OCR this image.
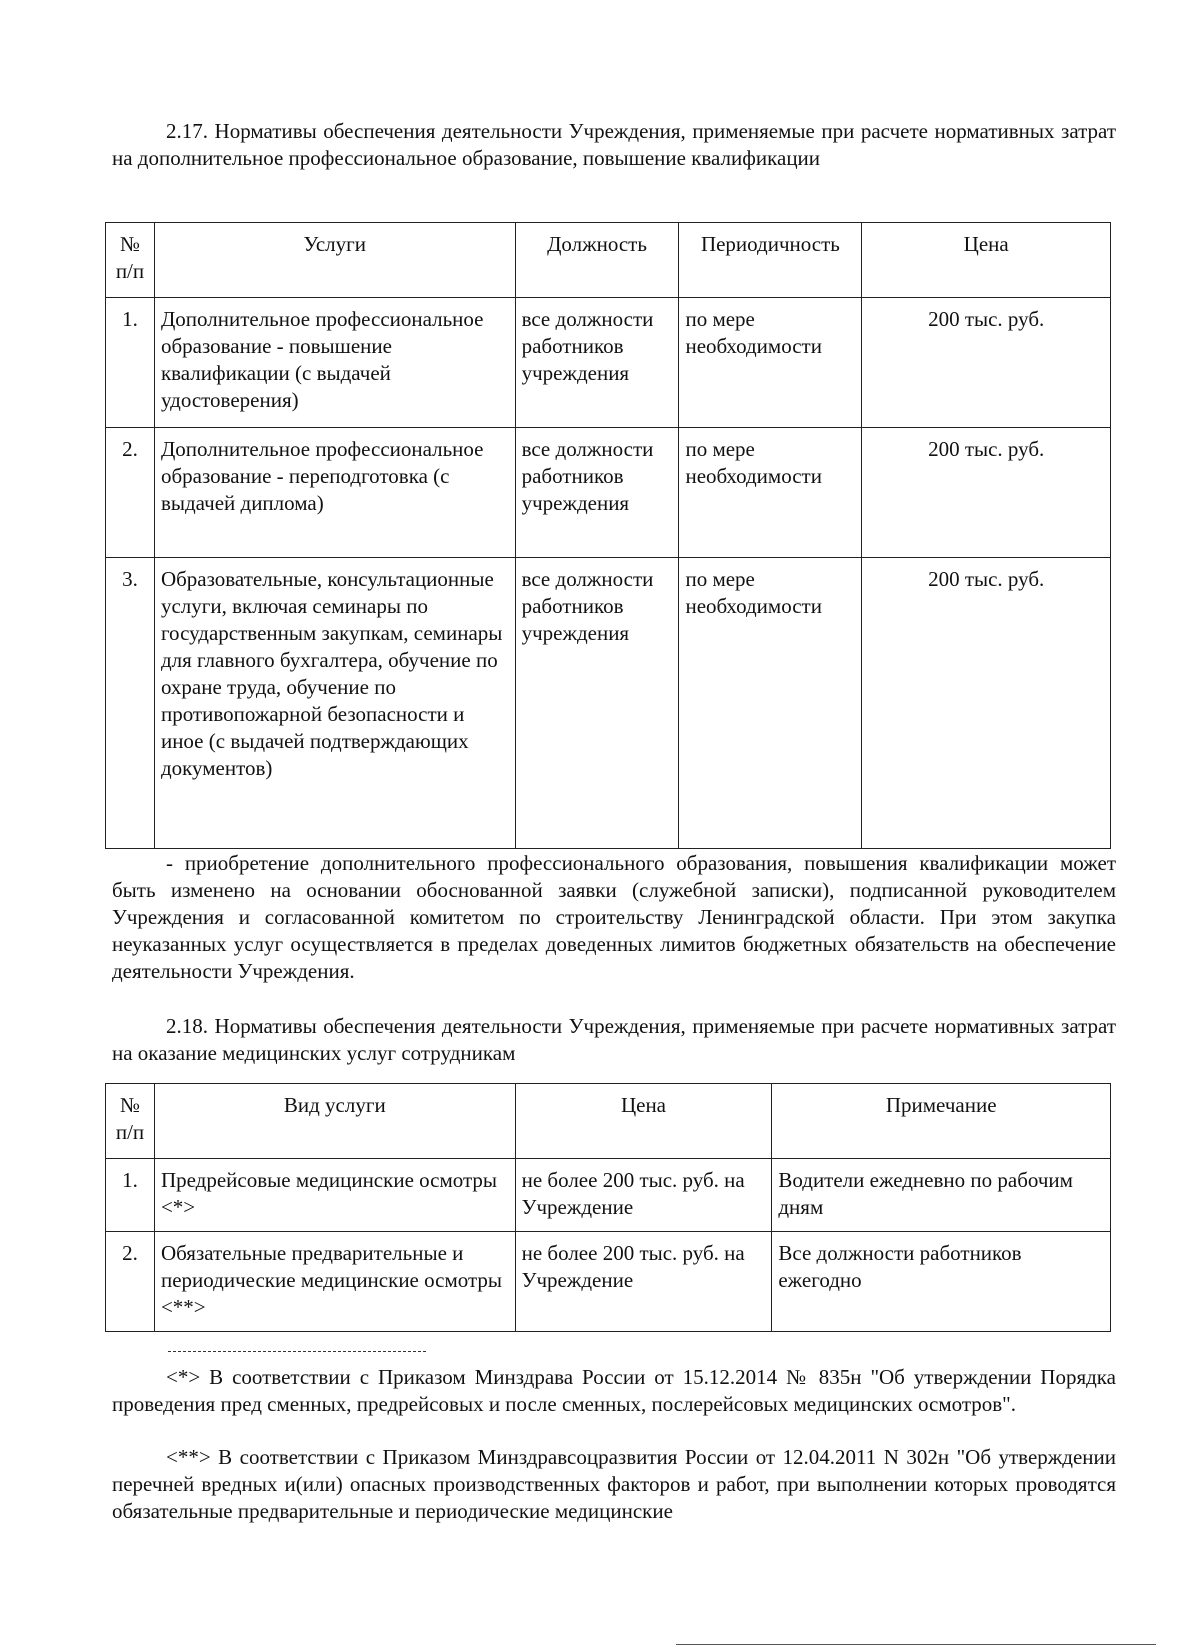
2.17. Нормативы обеспечения деятельности Учреждения, применяемые при расчете нормативных затрат на дополнительное профессиональное образование, повышение квалификации

№ п/п	Услуги	Должность	Периодичность	Цена
1.	Дополнительное профессиональное образование - повышение квалификации (с выдачей удостоверения)	все должности работников учреждения	по мере необходимости	200 тыс. руб.
2.	Дополнительное профессиональное образование - переподготовка (с выдачей диплома)	все должности работников учреждения	по мере необходимости	200 тыс. руб.
3.	Образовательные, консультационные услуги, включая семинары по государственным закупкам, семинары для главного бухгалтера, обучение по охране труда, обучение по противопожарной безопасности и иное (с выдачей подтверждающих документов)	все должности работников учреждения	по мере необходимости	200 тыс. руб.

- приобретение дополнительного профессионального образования, повышения квалификации может быть изменено на основании обоснованной заявки (служебной записки), подписанной руководителем Учреждения и согласованной комитетом по строительству Ленинградской области. При этом закупка неуказанных услуг осуществляется в пределах доведенных лимитов бюджетных обязательств на обеспечение деятельности Учреждения.

2.18. Нормативы обеспечения деятельности Учреждения, применяемые при расчете нормативных затрат на оказание медицинских услуг сотрудникам

№ п/п	Вид услуги	Цена	Примечание
1.	Предрейсовые медицинские осмотры <*>	не более 200 тыс. руб. на Учреждение	Водители ежедневно по рабочим дням
2.	Обязательные предварительные и периодические медицинские осмотры <**>	не более 200 тыс. руб. на Учреждение	Все должности работников ежегодно

<*> В соответствии с Приказом Минздрава России от 15.12.2014 № 835н "Об утверждении Порядка проведения пред сменных, предрейсовых и после сменных, послерейсовых медицинских осмотров".

<**> В соответствии с Приказом Минздравсоцразвития России от 12.04.2011 N 302н "Об утверждении перечней вредных и(или) опасных производственных факторов и работ, при выполнении которых проводятся обязательные предварительные и периодические медицинские
